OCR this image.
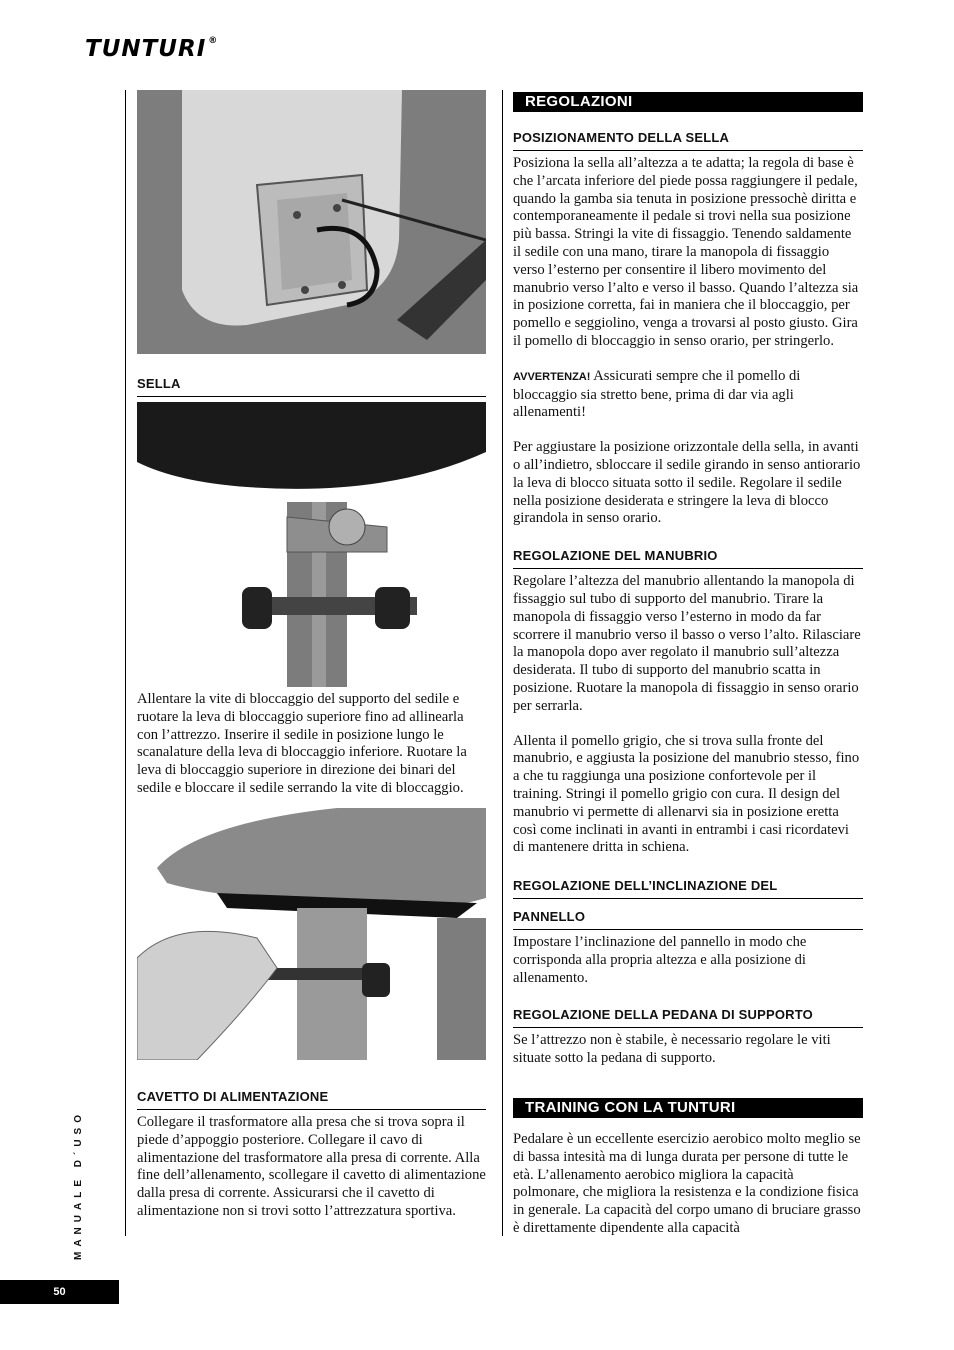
TUNTURI ®
SELLA

Allentare la vite di bloccaggio del supporto del sedile e ruotare la leva di bloccaggio superiore fino ad allinearla con l’attrezzo. Inserire il sedile in posizione lungo le scanalature della leva di bloccaggio inferiore. Ruotare la leva di bloccaggio superiore in direzione dei binari del sedile e bloccare il sedile serrando la vite di bloccaggio.

CAVETTO DI ALIMENTAZIONE

Collegare il trasformatore alla presa che si trova sopra il piede d’appoggio posteriore. Collegare il cavo di alimentazione del trasformatore alla presa di corrente. Alla fine dell’allenamento, scollegare il cavetto di alimentazione dalla presa di corrente. Assicurarsi che il cavetto di alimentazione non si trovi sotto l’attrezzatura sportiva.

REGOLAZIONI
POSIZIONAMENTO DELLA SELLA

Posiziona la sella all’altezza a te adatta; la regola di base è che l’arcata inferiore del piede possa raggiungere il pedale, quando la gamba sia tenuta in posizione pressochè diritta e contemporaneamente il pedale si trovi nella sua posizione più bassa. Stringi la vite di fissaggio. Tenendo saldamente il sedile con una mano, tirare la manopola di fissaggio verso l’esterno per consentire il libero movimento del manubrio verso l’alto e verso il basso. Quando l’altezza sia in posizione corretta, fai in maniera che il bloccaggio, per pomello e seggiolino, venga a trovarsi al posto giusto. Gira il pomello di bloccaggio in senso orario, per stringerlo.

AVVERTENZA! Assicurati sempre che il pomello di bloccaggio sia stretto bene, prima di dar via agli allenamenti!

Per aggiustare la posizione orizzontale della sella, in avanti o all’indietro, sbloccare il sedile girando in senso antiorario la leva di blocco situata sotto il sedile. Regolare il sedile nella posizione desiderata e stringere la leva di blocco girandola in senso orario.

REGOLAZIONE DEL MANUBRIO

Regolare l’altezza del manubrio allentando la manopola di fissaggio sul tubo di supporto del manubrio. Tirare la manopola di fissaggio verso l’esterno in modo da far scorrere il manubrio verso il basso o verso l’alto. Rilasciare la manopola dopo aver regolato il manubrio sull’altezza desiderata. Il tubo di supporto del manubrio scatta in posizione. Ruotare la manopola di fissaggio in senso orario per serrarla.

Allenta il pomello grigio, che si trova sulla fronte del manubrio, e aggiusta la posizione del manubrio stesso, fino a che tu raggiunga una posizione confortevole per il training. Stringi il pomello grigio con cura. Il design del manubrio vi permette di allenarvi sia in posizione eretta così come inclinati in avanti in entrambi i casi ricordatevi di mantenere dritta in schiena.

REGOLAZIONE DELL’INCLINAZIONE DEL
PANNELLO

Impostare l’inclinazione del pannello in modo che corrisponda alla propria altezza e alla posizione di allenamento.

REGOLAZIONE DELLA PEDANA DI SUPPORTO

Se l’attrezzo non è stabile, è necessario regolare le viti situate sotto la pedana di supporto.

TRAINING CON LA TUNTURI

Pedalare è un eccellente esercizio aerobico molto meglio se di bassa intesità ma di lunga durata per persone di tutte le età. L’allenamento aerobico migliora la capacità polmonare, che migliora la resistenza e la condizione fisica in generale. La capacità del corpo umano di bruciare grasso è direttamente dipendente alla capacità

MANUALE D´USO
50
